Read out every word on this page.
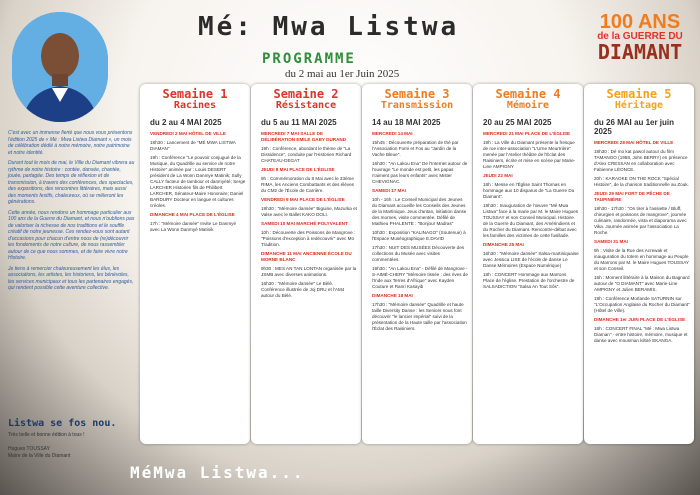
Mé: Mwa Listwa
PROGRAMME
du 2 mai au 1er Juin 2025
100 ANS
de la GUERRE DU
DIAMANT

C'est avec un immense fierté que nous vous présentons l'édition 2025 de « Mé : Mwa Listwa Diamant », un mois de célébration dédié à notre mémoire, notre patrimoine et notre identité.

Durant tout le mois de mai, le Ville du Diamant vibrera au rythme de notre histoire : contée, dansée, chantée, jouée, partagée. Des temps de réflexion et de transmission, à travers des conférences, des spectacles, des expositions, des rencontres littéraires, mais aussi des moments festifs, chaleureux, où se mêleront les générations.

Cette année, nous rendons un hommage particulier aux 100 ans de la Guerre du Diamant, et nous n'oublions pas de valoriser la richesse de nos traditions et le souffle créatif de notre jeunesse. Ces rendez-vous sont autant d'occasions pour chacun d'entre nous de (re)découvrir les fondements de notre culture, de nous rassembler autour de ce que nous sommes, et de faire vivre notre Histoire.

Je tiens à remercier chaleureusement les élus, les associations, les artistes, les historiens, les bénévoles, les services municipaux et tous les partenaires engagés, qui rendent possible cette aventure collective.

Listwa se fos nou.
Très belle et bonne édition à tous !
Hugues TOUSSAY
Maire de la Ville du Diamant
Semaine 1
Racines
du 2 au 4 MAI 2025

VENDREDI 2 MAI HÔTEL DE VILLE

18h30 : Lancement de "MÉ MWA LISTWA DIAMAN"

19h : Conférence "Le pouvoir conjugué de la Musique, du Quadrille au service de notre Histoire" animée par : Louis DESERT président de La Wonn Danmye Matinik; Sully CALLY facteur de tambour et danmyèté; Serge LARCHER Historien fils de Philibert LARCHER, Sénateur-Maire Honoraire; Daniel BARDURY Docteur en langue et cultures créoles.

DIMANCHE 4 MAI PLACE DE L'ÉGLISE

17h : "Mémoire dansée" Invite Le Danmyé avec La Wonn Danmyé Matinik

Semaine 2
Résistance
du 5 au 11 MAI 2025

MERCREDI 7 MAI SALLE DE DÉLIBÉRATION EMILE GABY DURAND

19h : Conférence, abordant le thème de "La Dissidence", conduite par l'Historien Richard CHATEAU-DEGAT

JEUDI 8 MAI PLACE DE L'ÉGLISE

9h : Commémoration du 8 Mai avec le 33ème RIMA, les Anciens Combattants et des élèves du CM2 de l'École de Carrière.

VENDREDI 9 MAI PLACE DE L'ÉGLISE

19h30 : "Mémoire dansée" Biguine, Mazurka et Valse avec le Ballet KAKO DOLI.

SAMEDI 10 MAI MARCHÉ POLYVALENT

10h : Découverte des Poissons de Mangrove : "Poissons d'exception à redécouvrir" avec Mo Tradition.

DIMANCHE 11 MAI ANCIENNE ÉCOLE DU MORNE BLANC

9h30 : MES AN TAN LONTAN organisée par la JSMB avec diverses animations.

16h30 : "Mémoire dansée" Le Bèlè. Conférence illustrée de Joj DRU et l'AM4 autour du Bèlè.

Semaine 3
Transmission
14 au 18 MAI 2025

MERCREDI 14 MAI

15h45 : Découverte préparation de thé par l'Association Forni et Fos au "Jardin de la Vache Bleue".

16h30 : "An Lakou Ena" De l'Internet autour de l'ouvrage "Le monde est petit, les papas n'aiment pas leurs enfants" avec Mister CHEVIGNAC.

SAMEDI 17 MAI

10h - 16h : Le Conseil Municipal des Jeunes du Diamant accueille les Conseils des Jeunes de la Martinique. Jeux d'antan, initiation danse des mornes, visite commentée. Défilé de Mathieu PHALENTE : "Bonjour Madras"

10h30 : Exposition "KALINAGO" (Soutenue) à l'Espace Muséographique E.DAVID

17h30 : NUIT DES MUSÉES Découverte des collections du Musée avec visites commentées.

19h30 : "An Lakou Ena" - Défilé de Mangrove - S-AIMÉ-CHERY "Mémoire tissée : des rives de l'Inde aux Terres d'Afrique" avec Kayden Couture et Ranri Kasayib

DIMANCHE 18 MAI

17h30 : "Mémoire dansée" Quadrille et haute taille Diversity Danse : les Seniors nous font découvrir "le lancier impérial" suivi de la présentation de la Haute taille par l'association l'Éclat des Raisiniers.

Semaine 4
Mémoire
20 au 25 MAI 2025

MERCREDI 21 MAI PLACE DE L'ÉGLISE

19h : La Ville du Diamant présente la fresque de rue inter-association "L'Urne Meurtrière" menée par l'Atelier théâtre de l'Éclat des Raisiniers, écrite et mise en scène par Marie-Line AMPIGNY

JEUDI 22 MAI

18h : Messe en l'Église Saint Thomas en hommage aux 10 disparus de "La Guerre Du Diamant".

19h30 : Inauguration de l'œuvre "Mé Mwa Listwa" face à la marie par M. le Maire Hugues TOUSSAY et son Conseil Municipal. Histoire de la Guerre du Diamant, des Amérindiens et du Rocher du Diamant. Rencontre-débat avec les familles des victimes de cette fusillade.

DIMANCHE 25 MAI

16h30 : "Mémoire dansée" Salsa-martiniquaise avec Jessica LISE de l'école de danse Le Danse Mémoires (Espace Numérique)

18h : CONCERT Hommage aux Marrons Place de l'église. Prestation de l'orchestre de SALSADICTION "Salsa An Tout Sôs".

Semaine 5
Héritage
du 26 MAI au 1er juin 2025

MERCREDI 28 MAI HÔTEL DE VILLE

18h30 : Dé mo kat pawol autour du film TAMANGO (1958, John BERRY) en présence d'Alex CRESSAN en collaboration avec Fabienne LÉONCE.

20h : KARAOKE ON THE ROCK "Spécial Histoire", de la chanson traditionnelle au Zouk.

JEUDI 29 MAI FORT DE PÊCHE DE TAUPINIÈRE

18h30 - 17h30 : "On tirer à l'assiette / Bluff, chirurgien et poissons de mangrove", journée culinaire, randonnée, vista et diaporama avec Vika. Journée animée par l'association La Roche.

SAMEDI 31 MAI

9h : Visite de la Rue des Acrewak et inauguration du totem en hommage au Peuple du Marrons par M. le Maire Hugues TOUSSAY et son Conseil.

16h : Moment littéraire à la Maison du Bagnard autour de "O DIAMANT" avec Marie-Line AMPIGNY et Julien BERAMIS.

19h : Conférence Morlande SATURNIN sur "L'Occupation Anglaise du Rocher du Diamant" (Hôtel de Ville).

DIMANCHE 1er JUIN PLACE DE L'ÉGLISE

18h : CONCERT FINAL "Mé : Mwa Listwa Diaman" - entre histoire, mémoire, musique et danse avec mousman kiltiré EKANGA.

MéMwa Listwa...
